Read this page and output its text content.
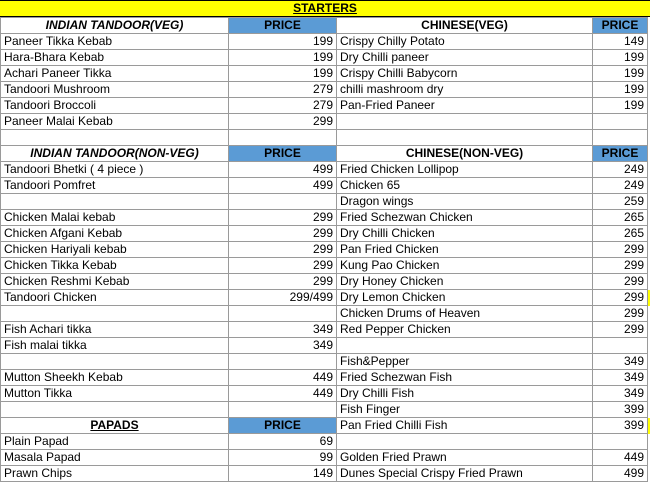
STARTERS
INDIAN TANDOOR(VEG)	PRICE	CHINESE(VEG)	PRICE	
Paneer Tikka Kebab	199	Crispy Chilly Potato	149	
Hara-Bhara Kebab	199	Dry Chilli paneer	199	
Achari Paneer Tikka	199	Crispy Chilli Babycorn	199	
Tandoori Mushroom	279	chilli mashroom dry	199	
Tandoori Broccoli	279	Pan-Fried Paneer	199	
Paneer Malai Kebab	299			

INDIAN TANDOOR(NON-VEG)	PRICE	CHINESE(NON-VEG)	PRICE	
Tandoori Bhetki ( 4 piece )	499	Fried Chicken Lollipop	249	
Tandoori Pomfret	499	Chicken 65	249	
		Dragon wings	259	
Chicken Malai kebab	299	Fried Schezwan Chicken	265	
Chicken Afgani Kebab	299	Dry Chilli Chicken	265	
Chicken Hariyali kebab	299	Pan Fried Chicken	299	
Chicken Tikka Kebab	299	Kung Pao Chicken	299	
Chicken Reshmi Kebab	299	Dry Honey Chicken	299	
Tandoori Chicken	299/499	Dry Lemon Chicken	299	
		Chicken Drums of Heaven	299	
Fish Achari tikka	349	Red Pepper Chicken	299	
Fish malai tikka	349			
		Fish&Pepper	349	
Mutton Sheekh Kebab	449	Fried Schezwan Fish	349	
Mutton Tikka	449	Dry Chilli Fish	349	
		Fish Finger	399	
PAPADS	PRICE	Pan Fried Chilli Fish	399	
Plain Papad	69			
Masala Papad	99	Golden Fried Prawn	449	
Prawn Chips	149	Dunes Special Crispy Fried Prawn	499	
